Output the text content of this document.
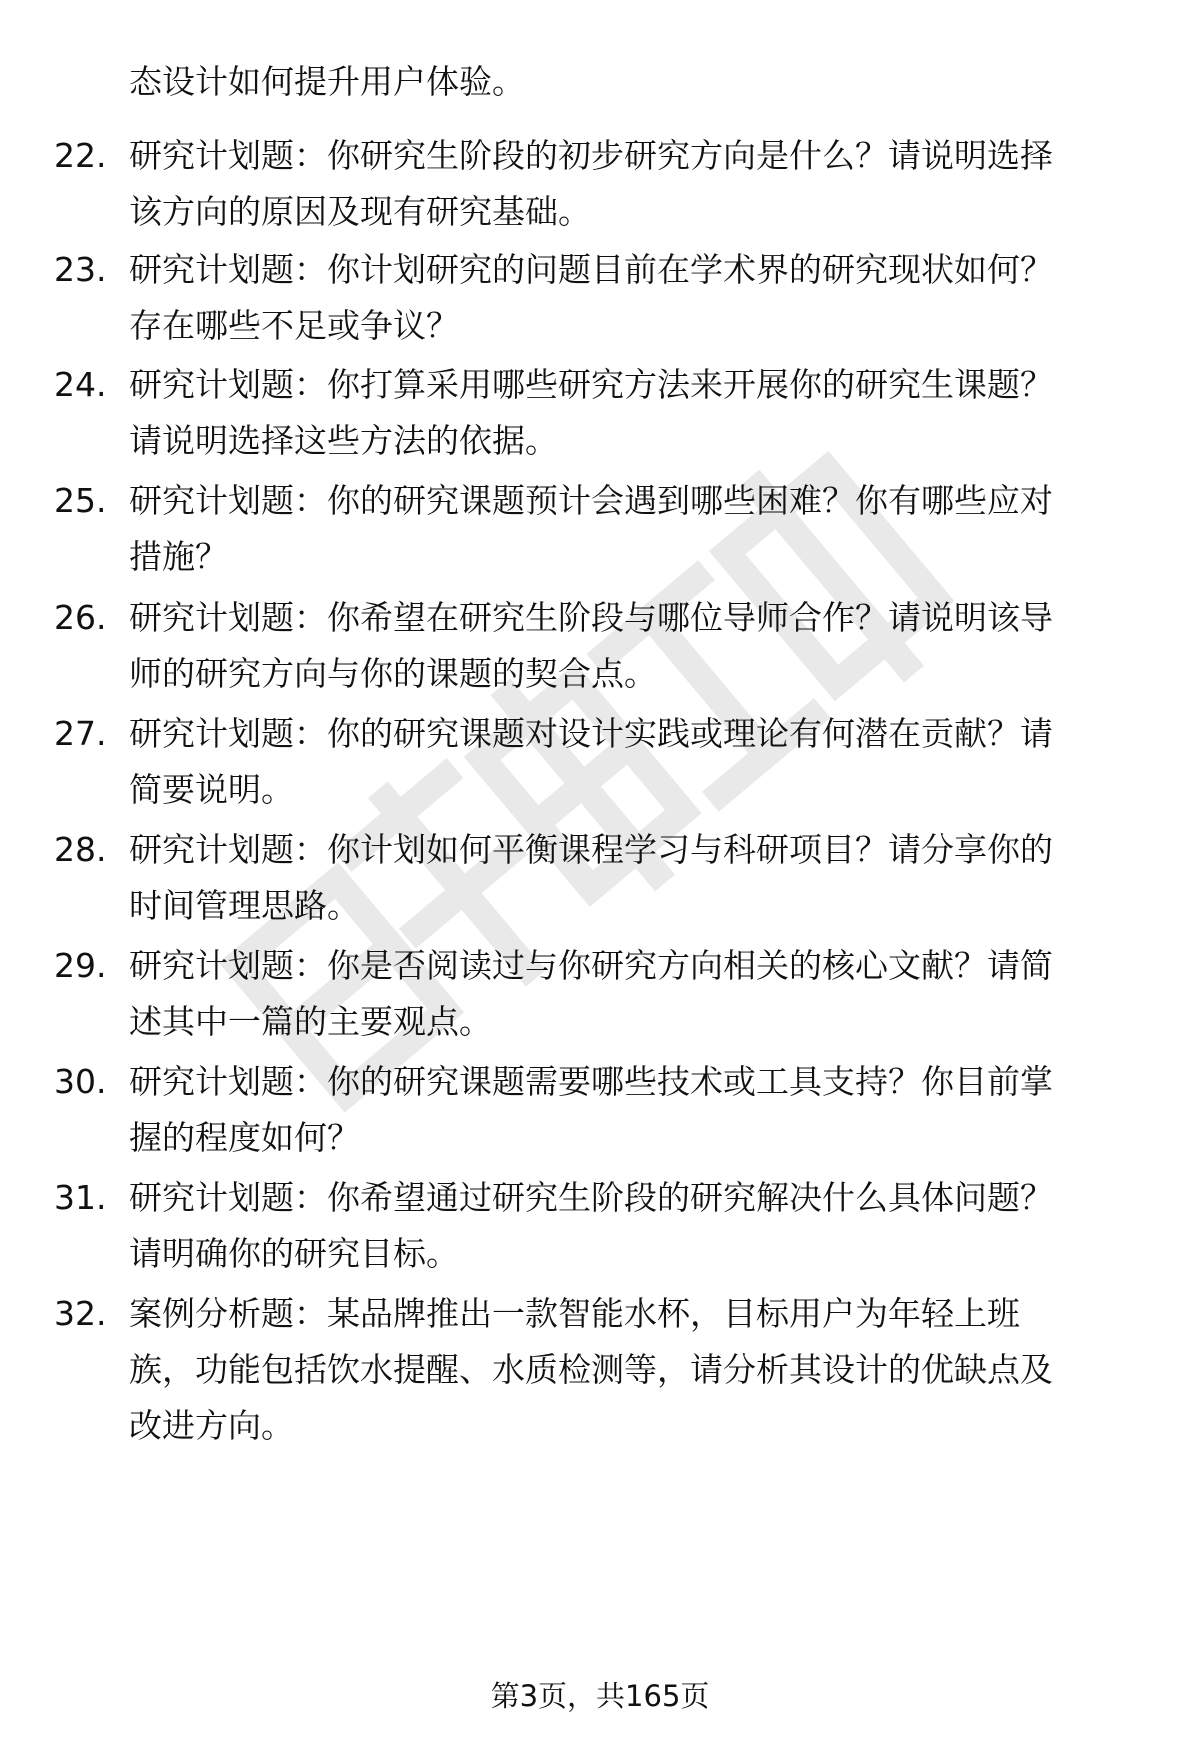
态设计如何提升用户体验。
22. 研究计划题：你研究生阶段的初步研究方向是什么？请说明选择
该方向的原因及现有研究基础。
23. 研究计划题：你计划研究的问题目前在学术界的研究现状如何？
存在哪些不足或争议？
24. 研究计划题：你打算采用哪些研究方法来开展你的研究生课题？
请说明选择这些方法的依据。
25. 研究计划题：你的研究课题预计会遇到哪些困难？你有哪些应对
措施？
26. 研究计划题：你希望在研究生阶段与哪位导师合作？请说明该导
师的研究方向与你的课题的契合点。
27. 研究计划题：你的研究课题对设计实践或理论有何潜在贡献？请
简要说明。
28. 研究计划题：你计划如何平衡课程学习与科研项目？请分享你的
时间管理思路。
29. 研究计划题：你是否阅读过与你研究方向相关的核心文献？请简
述其中一篇的主要观点。
30. 研究计划题：你的研究课题需要哪些技术或工具支持？你目前掌
握的程度如何？
31. 研究计划题：你希望通过研究生阶段的研究解决什么具体问题？
请明确你的研究目标。
32. 案例分析题：某品牌推出一款智能水杯，目标用户为年轻上班
族，功能包括饮水提醒、水质检测等，请分析其设计的优缺点及
改进方向。
第3页，共165页
